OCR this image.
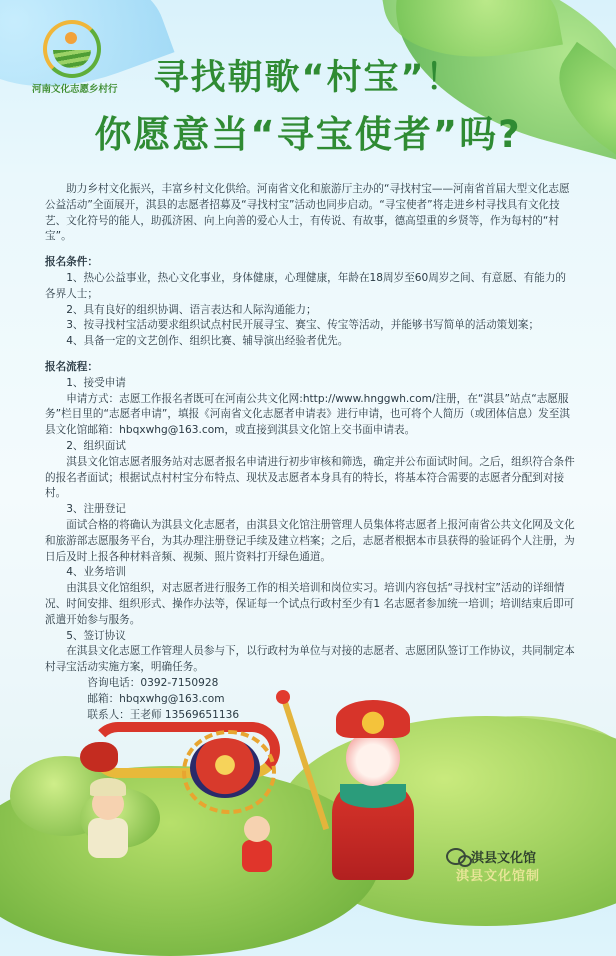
河南文化志愿乡村行	寻找朝歌“村宝”！
你愿意当“寻宝使者”吗?

助力乡村文化振兴，丰富乡村文化供给。河南省文化和旅游厅主办的“寻找村宝——河南省首届大型文化志愿公益活动”全面展开，淇县的志愿者招募及“寻找村宝”活动也同步启动。“寻宝使者”将走进乡村寻找具有文化技艺、文化符号的能人，助孤济困、向上向善的爱心人士，有传说、有故事，德高望重的乡贤等，作为每村的“村宝”。

报名条件：

1、热心公益事业，热心文化事业，身体健康，心理健康，年龄在18周岁至60周岁之间、有意愿、有能力的各界人士；

2、具有良好的组织协调、语言表达和人际沟通能力；

3、按寻找村宝活动要求组织试点村民开展寻宝、赛宝、传宝等活动，并能够书写简单的活动策划案；

4、具备一定的文艺创作、组织比赛、辅导演出经验者优先。

报名流程：

1、接受申请

申请方式：志愿工作报名者既可在河南公共文化网:http://www.hnggwh.com/注册，在“淇县”站点“志愿服务”栏目里的“志愿者申请”，填报《河南省文化志愿者申请表》进行申请，也可将个人简历（或团体信息）发至淇县文化馆邮箱：hbqxwhg@163.com，或直接到淇县文化馆上交书面申请表。

2、组织面试

淇县文化馆志愿者服务站对志愿者报名申请进行初步审核和筛选，确定并公布面试时间。之后，组织符合条件的报名者面试；根据试点村村宝分布特点、现状及志愿者本身具有的特长，将基本符合需要的志愿者分配到对接村。

3、注册登记

面试合格的将确认为淇县文化志愿者，由淇县文化馆注册管理人员集体将志愿者上报河南省公共文化网及文化和旅游部志愿服务平台，为其办理注册登记手续及建立档案；之后，志愿者根据本市县获得的验证码个人注册，为日后及时上报各种材料音频、视频、照片资料打开绿色通道。

4、业务培训

由淇县文化馆组织，对志愿者进行服务工作的相关培训和岗位实习。培训内容包括“寻找村宝”活动的详细情况、时间安排、组织形式、操作办法等，保证每一个试点行政村至少有1 名志愿者参加统一培训；培训结束后即可派遣开始参与服务。

5、签订协议

在淇县文化志愿工作管理人员参与下，以行政村为单位与对接的志愿者、志愿团队签订工作协议，共同制定本村寻宝活动实施方案，明确任务。

咨询电话：0392-7150928

邮箱：hbqxwhg@163.com

联系人：王老师 13569651136

淇县文化馆
淇县文化馆制
